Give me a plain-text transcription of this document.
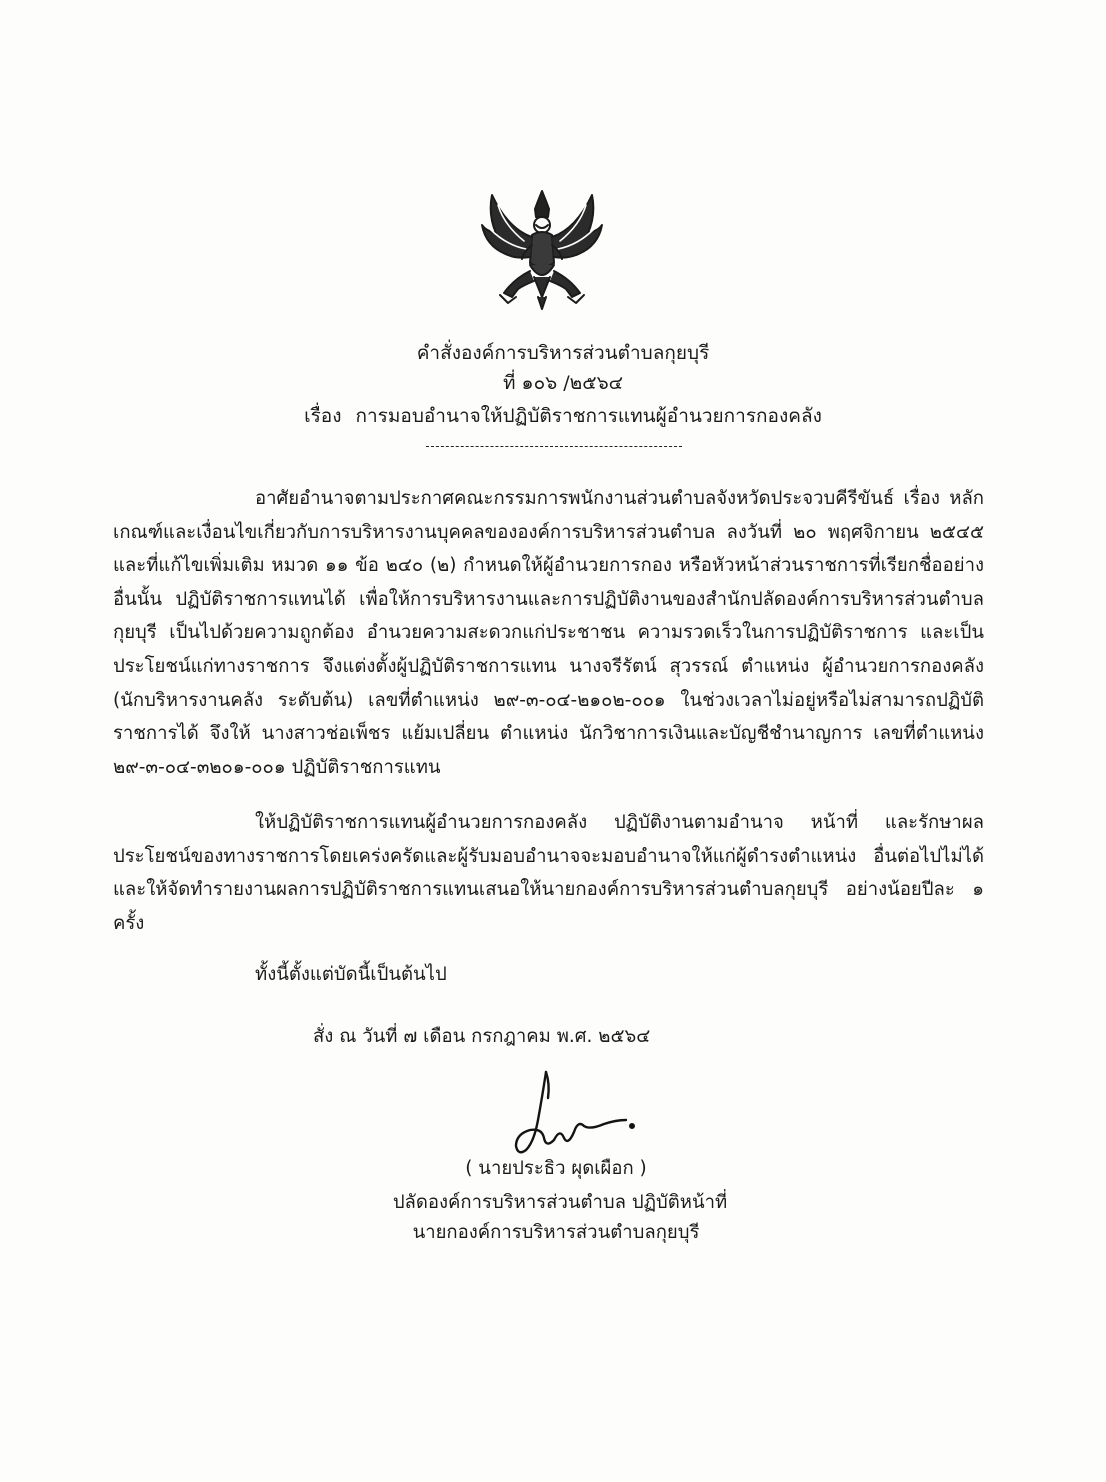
คำสั่งองค์การบริหารส่วนตำบลกุยบุรี
ที่ ๑๐๖ /๒๕๖๔
เรื่อง การมอบอำนาจให้ปฏิบัติราชการแทนผู้อำนวยการกองคลัง

อาศัยอำนาจตามประกาศคณะกรรมการพนักงานส่วนตำบลจังหวัดประจวบคีรีขันธ์ เรื่อง หลักเกณฑ์และเงื่อนไขเกี่ยวกับการบริหารงานบุคคลขององค์การบริหารส่วนตำบล ลงวันที่ ๒๐ พฤศจิกายน ๒๕๔๕ และที่แก้ไขเพิ่มเติม หมวด ๑๑ ข้อ ๒๔๐ (๒) กำหนดให้ผู้อำนวยการกอง หรือหัวหน้าส่วนราชการที่เรียกชื่ออย่างอื่นนั้น ปฏิบัติราชการแทนได้ เพื่อให้การบริหารงานและการปฏิบัติงานของสำนักปลัดองค์การบริหารส่วนตำบลกุยบุรี เป็นไปด้วยความถูกต้อง อำนวยความสะดวกแก่ประชาชน ความรวดเร็วในการปฏิบัติราชการ และเป็นประโยชน์แก่ทางราชการ จึงแต่งตั้งผู้ปฏิบัติราชการแทน นางจรีรัตน์ สุวรรณ์ ตำแหน่ง ผู้อำนวยการกองคลัง (นักบริหารงานคลัง ระดับต้น) เลขที่ตำแหน่ง ๒๙-๓-๐๔-๒๑๐๒-๐๐๑ ในช่วงเวลาไม่อยู่หรือไม่สามารถปฏิบัติราชการได้ จึงให้ นางสาวช่อเพ็ชร แย้มเปลี่ยน ตำแหน่ง นักวิชาการเงินและบัญชีชำนาญการ เลขที่ตำแหน่ง ๒๙-๓-๐๔-๓๒๐๑-๐๐๑ ปฏิบัติราชการแทน

ให้ปฏิบัติราชการแทนผู้อำนวยการกองคลัง ปฏิบัติงานตามอำนาจ หน้าที่ และรักษาผลประโยชน์ของทางราชการโดยเคร่งครัดและผู้รับมอบอำนาจจะมอบอำนาจให้แก่ผู้ดำรงตำแหน่ง อื่นต่อไปไม่ได้ และให้จัดทำรายงานผลการปฏิบัติราชการแทนเสนอให้นายกองค์การบริหารส่วนตำบลกุยบุรี อย่างน้อยปีละ ๑ ครั้ง

ทั้งนี้ตั้งแต่บัดนี้เป็นต้นไป
สั่ง ณ วันที่ ๗ เดือน กรกฎาคม พ.ศ. ๒๕๖๔
( นายประธิว ผุดเผือก )
ปลัดองค์การบริหารส่วนตำบล ปฏิบัติหน้าที่
นายกองค์การบริหารส่วนตำบลกุยบุรี
